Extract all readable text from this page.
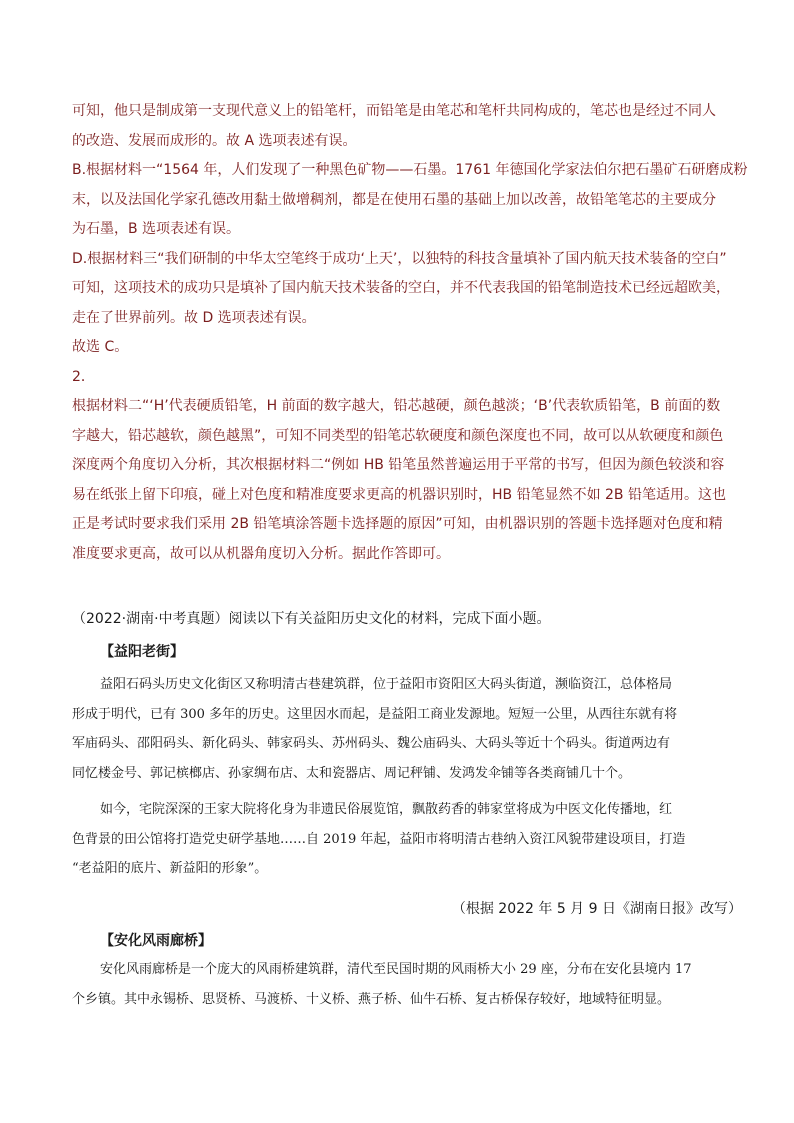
可知，他只是制成第一支现代意义上的铅笔杆，而铅笔是由笔芯和笔杆共同构成的，笔芯也是经过不同人
的改造、发展而成形的。故 A 选项表述有误。
B.根据材料一“1564 年，人们发现了一种黑色矿物——石墨。1761 年德国化学家法伯尔把石墨矿石研磨成粉
末，以及法国化学家孔德改用黏土做增稠剂，都是在使用石墨的基础上加以改善，故铅笔笔芯的主要成分
为石墨，B 选项表述有误。
D.根据材料三“我们研制的中华太空笔终于成功‘上天’，以独特的科技含量填补了国内航天技术装备的空白”
可知，这项技术的成功只是填补了国内航天技术装备的空白，并不代表我国的铅笔制造技术已经远超欧美，
走在了世界前列。故 D 选项表述有误。
故选 C。
2．
根据材料二“‘H’代表硬质铅笔，H 前面的数字越大，铅芯越硬，颜色越淡；‘B’代表软质铅笔，B 前面的数
字越大，铅芯越软，颜色越黑”，可知不同类型的铅笔芯软硬度和颜色深度也不同，故可以从软硬度和颜色
深度两个角度切入分析，其次根据材料二“例如 HB 铅笔虽然普遍运用于平常的书写，但因为颜色较淡和容
易在纸张上留下印痕，碰上对色度和精准度要求更高的机器识别时，HB 铅笔显然不如 2B 铅笔适用。这也
正是考试时要求我们采用 2B 铅笔填涂答题卡选择题的原因”可知，由机器识别的答题卡选择题对色度和精
准度要求更高，故可以从机器角度切入分析。据此作答即可。
（2022·湖南·中考真题）阅读以下有关益阳历史文化的材料，完成下面小题。
【益阳老街】
益阳石码头历史文化街区又称明清古巷建筑群，位于益阳市资阳区大码头街道，濒临资江，总体格局
形成于明代，已有 300 多年的历史。这里因水而起，是益阳工商业发源地。短短一公里，从西往东就有将
军庙码头、邵阳码头、新化码头、韩家码头、苏州码头、魏公庙码头、大码头等近十个码头。街道两边有
同忆楼金号、郭记槟榔店、孙家绸布店、太和瓷器店、周记秤铺、发鸿发伞铺等各类商铺几十个。
如今，宅院深深的王家大院将化身为非遗民俗展览馆，飘散药香的韩家堂将成为中医文化传播地，红
色背景的田公馆将打造党史研学基地……自 2019 年起，益阳市将明清古巷纳入资江风貌带建设项目，打造
“老益阳的底片、新益阳的形象”。
（根据 2022 年 5 月 9 日《湖南日报》改写）
【安化风雨廊桥】
安化风雨廊桥是一个庞大的风雨桥建筑群，清代至民国时期的风雨桥大小 29 座，分布在安化县境内 17
个乡镇。其中永锡桥、思贤桥、马渡桥、十义桥、燕子桥、仙牛石桥、复古桥保存较好，地域特征明显。
